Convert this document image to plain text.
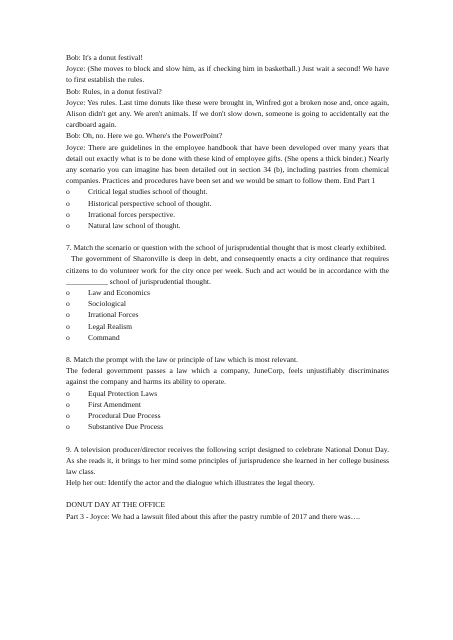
Bob: It's a donut festival!

Joyce: (She moves to block and slow him, as if checking him in basketball.) Just wait a second! We have to first establish the rules.

Bob: Rules, in a donut festival?

Joyce: Yes rules. Last time donuts like these were brought in, Winfred got a broken nose and, once again, Alison didn't get any. We aren't animals. If we don't slow down, someone is going to accidentally eat the cardboard again.

Bob: Oh, no. Here we go. Where's the PowerPoint?

Joyce: There are guidelines in the employee handbook that have been developed over many years that detail out exactly what is to be done with these kind of employee gifts. (She opens a thick binder.) Nearly any scenario you can imagine has been detailed out in section 34 (b), including pastries from chemical companies. Practices and procedures have been set and we would be smart to follow them. End Part 1

o	Critical legal studies school of thought.
o	Historical perspective school of thought.
o	Irrational forces perspective.
o	Natural law school of thought.

7. Match the scenario or question with the school of jurisprudential thought that is most clearly exhibited.

The government of Sharonville is deep in debt, and consequently enacts a city ordinance that requires citizens to do volunteer work for the city once per week. Such and act would be in accordance with the ___________ school of jurisprudential thought.

o	Law and Economics
o	Sociological
o	Irrational Forces
o	Legal Realism
o	Command

8. Match the prompt with the law or principle of law which is most relevant.

The federal government passes a law which a company, JuneCorp, feels unjustifiably discriminates against the company and harms its ability to operate.

o	Equal Protection Laws
o	First Amendment
o	Procedural Due Process
o	Substantive Due Process

9. A television producer/director receives the following script designed to celebrate National Donut Day. As she reads it, it brings to her mind some principles of jurisprudence she learned in her college business law class.

Help her out: Identify the actor and the dialogue which illustrates the legal theory.

DONUT DAY AT THE OFFICE

Part 3 - Joyce: We had a lawsuit filed about this after the pastry rumble of 2017 and there was….
